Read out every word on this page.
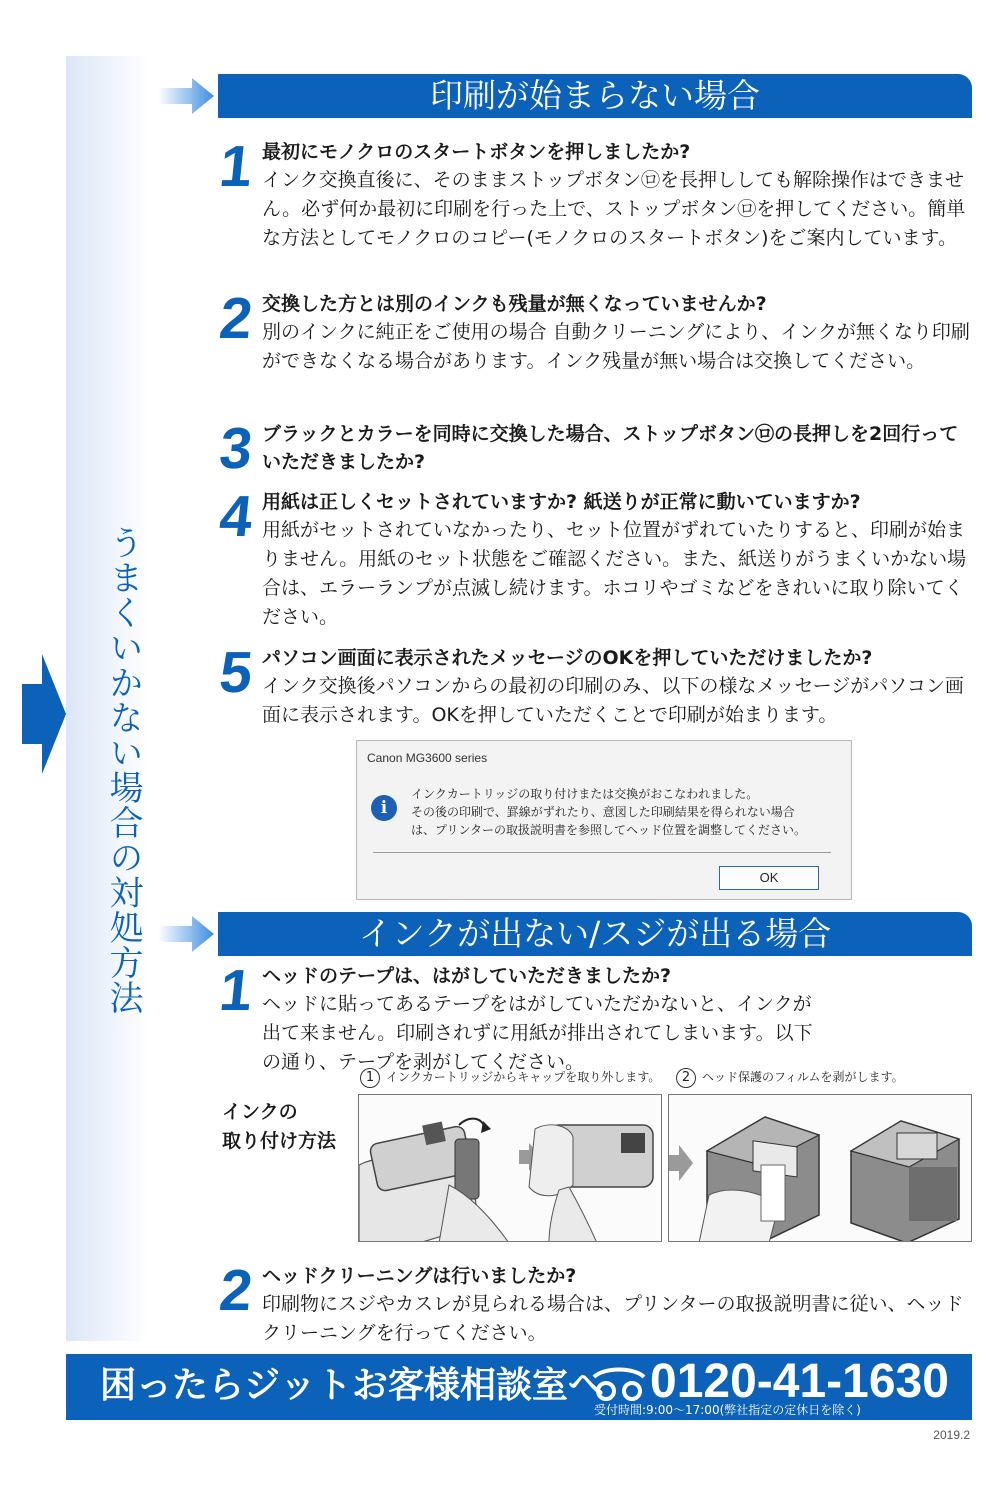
うまくいかない場合の対処方法
印刷が始まらない場合
1 最初にモノクロのスタートボタンを押しましたか?
インク交換直後に、そのままストップボタン㋺を長押ししても解除操作はできません。必ず何か最初に印刷を行った上で、ストップボタン㋺を押してください。簡単な方法としてモノクロのコピー(モノクロのスタートボタン)をご案内しています。
2 交換した方とは別のインクも残量が無くなっていませんか?
別のインクに純正をご使用の場合 自動クリーニングにより、インクが無くなり印刷ができなくなる場合があります。インク残量が無い場合は交換してください。
3 ブラックとカラーを同時に交換した場合、ストップボタン㋺の長押しを2回行っていただきましたか?
4 用紙は正しくセットされていますか? 紙送りが正常に動いていますか?
用紙がセットされていなかったり、セット位置がずれていたりすると、印刷が始まりません。用紙のセット状態をご確認ください。また、紙送りがうまくいかない場合は、エラーランプが点滅し続けます。ホコリやゴミなどをきれいに取り除いてください。
5 パソコン画面に表示されたメッセージのOKを押していただけましたか?
インク交換後パソコンからの最初の印刷のみ、以下の様なメッセージがパソコン画面に表示されます。OKを押していただくことで印刷が始まります。
Canon MG3600 series
i
インクカートリッジの取り付けまたは交換がおこなわれました。
その後の印刷で、罫線がずれたり、意図した印刷結果を得られない場合
は、プリンターの取扱説明書を参照してヘッド位置を調整してください。
OK
インクが出ない/スジが出る場合
1 ヘッドのテープは、はがしていただきましたか?
ヘッドに貼ってあるテープをはがしていただかないと、インクが出て来ません。印刷されずに用紙が排出されてしまいます。以下の通り、テープを剥がしてください。
1 インクカートリッジからキャップを取り外します。	2 ヘッド保護のフィルムを剥がします。
インクの
取り付け方法
2 ヘッドクリーニングは行いましたか?
印刷物にスジやカスレが見られる場合は、プリンターの取扱説明書に従い、ヘッドクリーニングを行ってください。
困ったらジットお客様相談室へ 0120-41-1630
受付時間:9:00〜17:00(弊社指定の定休日を除く)
2019.2
